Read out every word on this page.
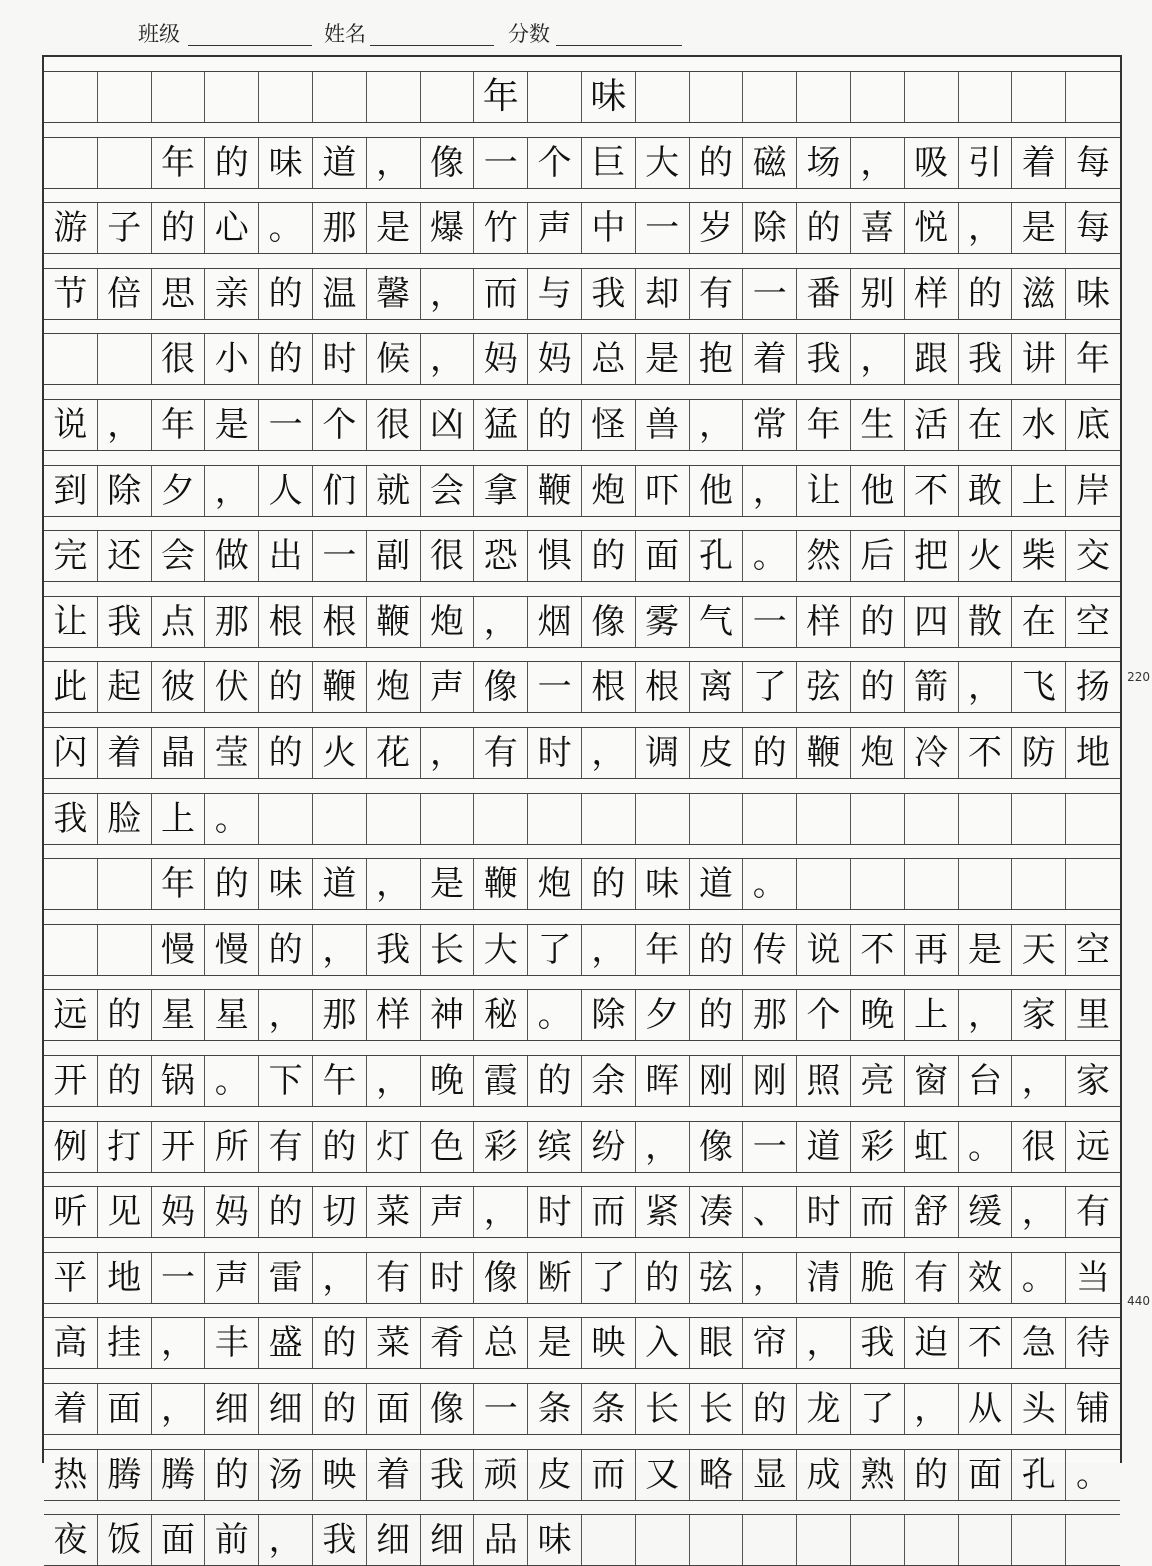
班级	姓名	分数
年 味
年 的 味 道 ， 像 一 个 巨 大 的 磁 场 ， 吸 引 着 每
游 子 的 心 。 那 是 爆 竹 声 中 一 岁 除 的 喜 悦 ， 是 每
节 倍 思 亲 的 温 馨 ， 而 与 我 却 有 一 番 别 样 的 滋 味
很 小 的 时 候 ， 妈 妈 总 是 抱 着 我 ， 跟 我 讲 年
说 ， 年 是 一 个 很 凶 猛 的 怪 兽 ， 常 年 生 活 在 水 底
到 除 夕 ， 人 们 就 会 拿 鞭 炮 吓 他 ， 让 他 不 敢 上 岸
完 还 会 做 出 一 副 很 恐 惧 的 面 孔 。 然 后 把 火 柴 交
让 我 点 那 根 根 鞭 炮 ， 烟 像 雾 气 一 样 的 四 散 在 空
此 起 彼 伏 的 鞭 炮 声 像 一 根 根 离 了 弦 的 箭 ， 飞 扬
闪 着 晶 莹 的 火 花 ， 有 时 ， 调 皮 的 鞭 炮 冷 不 防 地
我 脸 上 。
年 的 味 道 ， 是 鞭 炮 的 味 道 。
慢 慢 的 ， 我 长 大 了 ， 年 的 传 说 不 再 是 天 空
远 的 星 星 ， 那 样 神 秘 。 除 夕 的 那 个 晚 上 ， 家 里
开 的 锅 。 下 午 ， 晚 霞 的 余 晖 刚 刚 照 亮 窗 台 ， 家
例 打 开 所 有 的 灯 色 彩 缤 纷 ， 像 一 道 彩 虹 。 很 远
听 见 妈 妈 的 切 菜 声 ， 时 而 紧 凑 、 时 而 舒 缓 ， 有
平 地 一 声 雷 ， 有 时 像 断 了 的 弦 ， 清 脆 有 效 。 当
高 挂 ， 丰 盛 的 菜 肴 总 是 映 入 眼 帘 ， 我 迫 不 急 待
着 面 ， 细 细 的 面 像 一 条 条 长 长 的 龙 了 ， 从 头 铺
热 腾 腾 的 汤 映 着 我 顽 皮 而 又 略 显 成 熟 的 面 孔 。
夜 饭 面 前 ， 我 细 细 品 味
220
440
